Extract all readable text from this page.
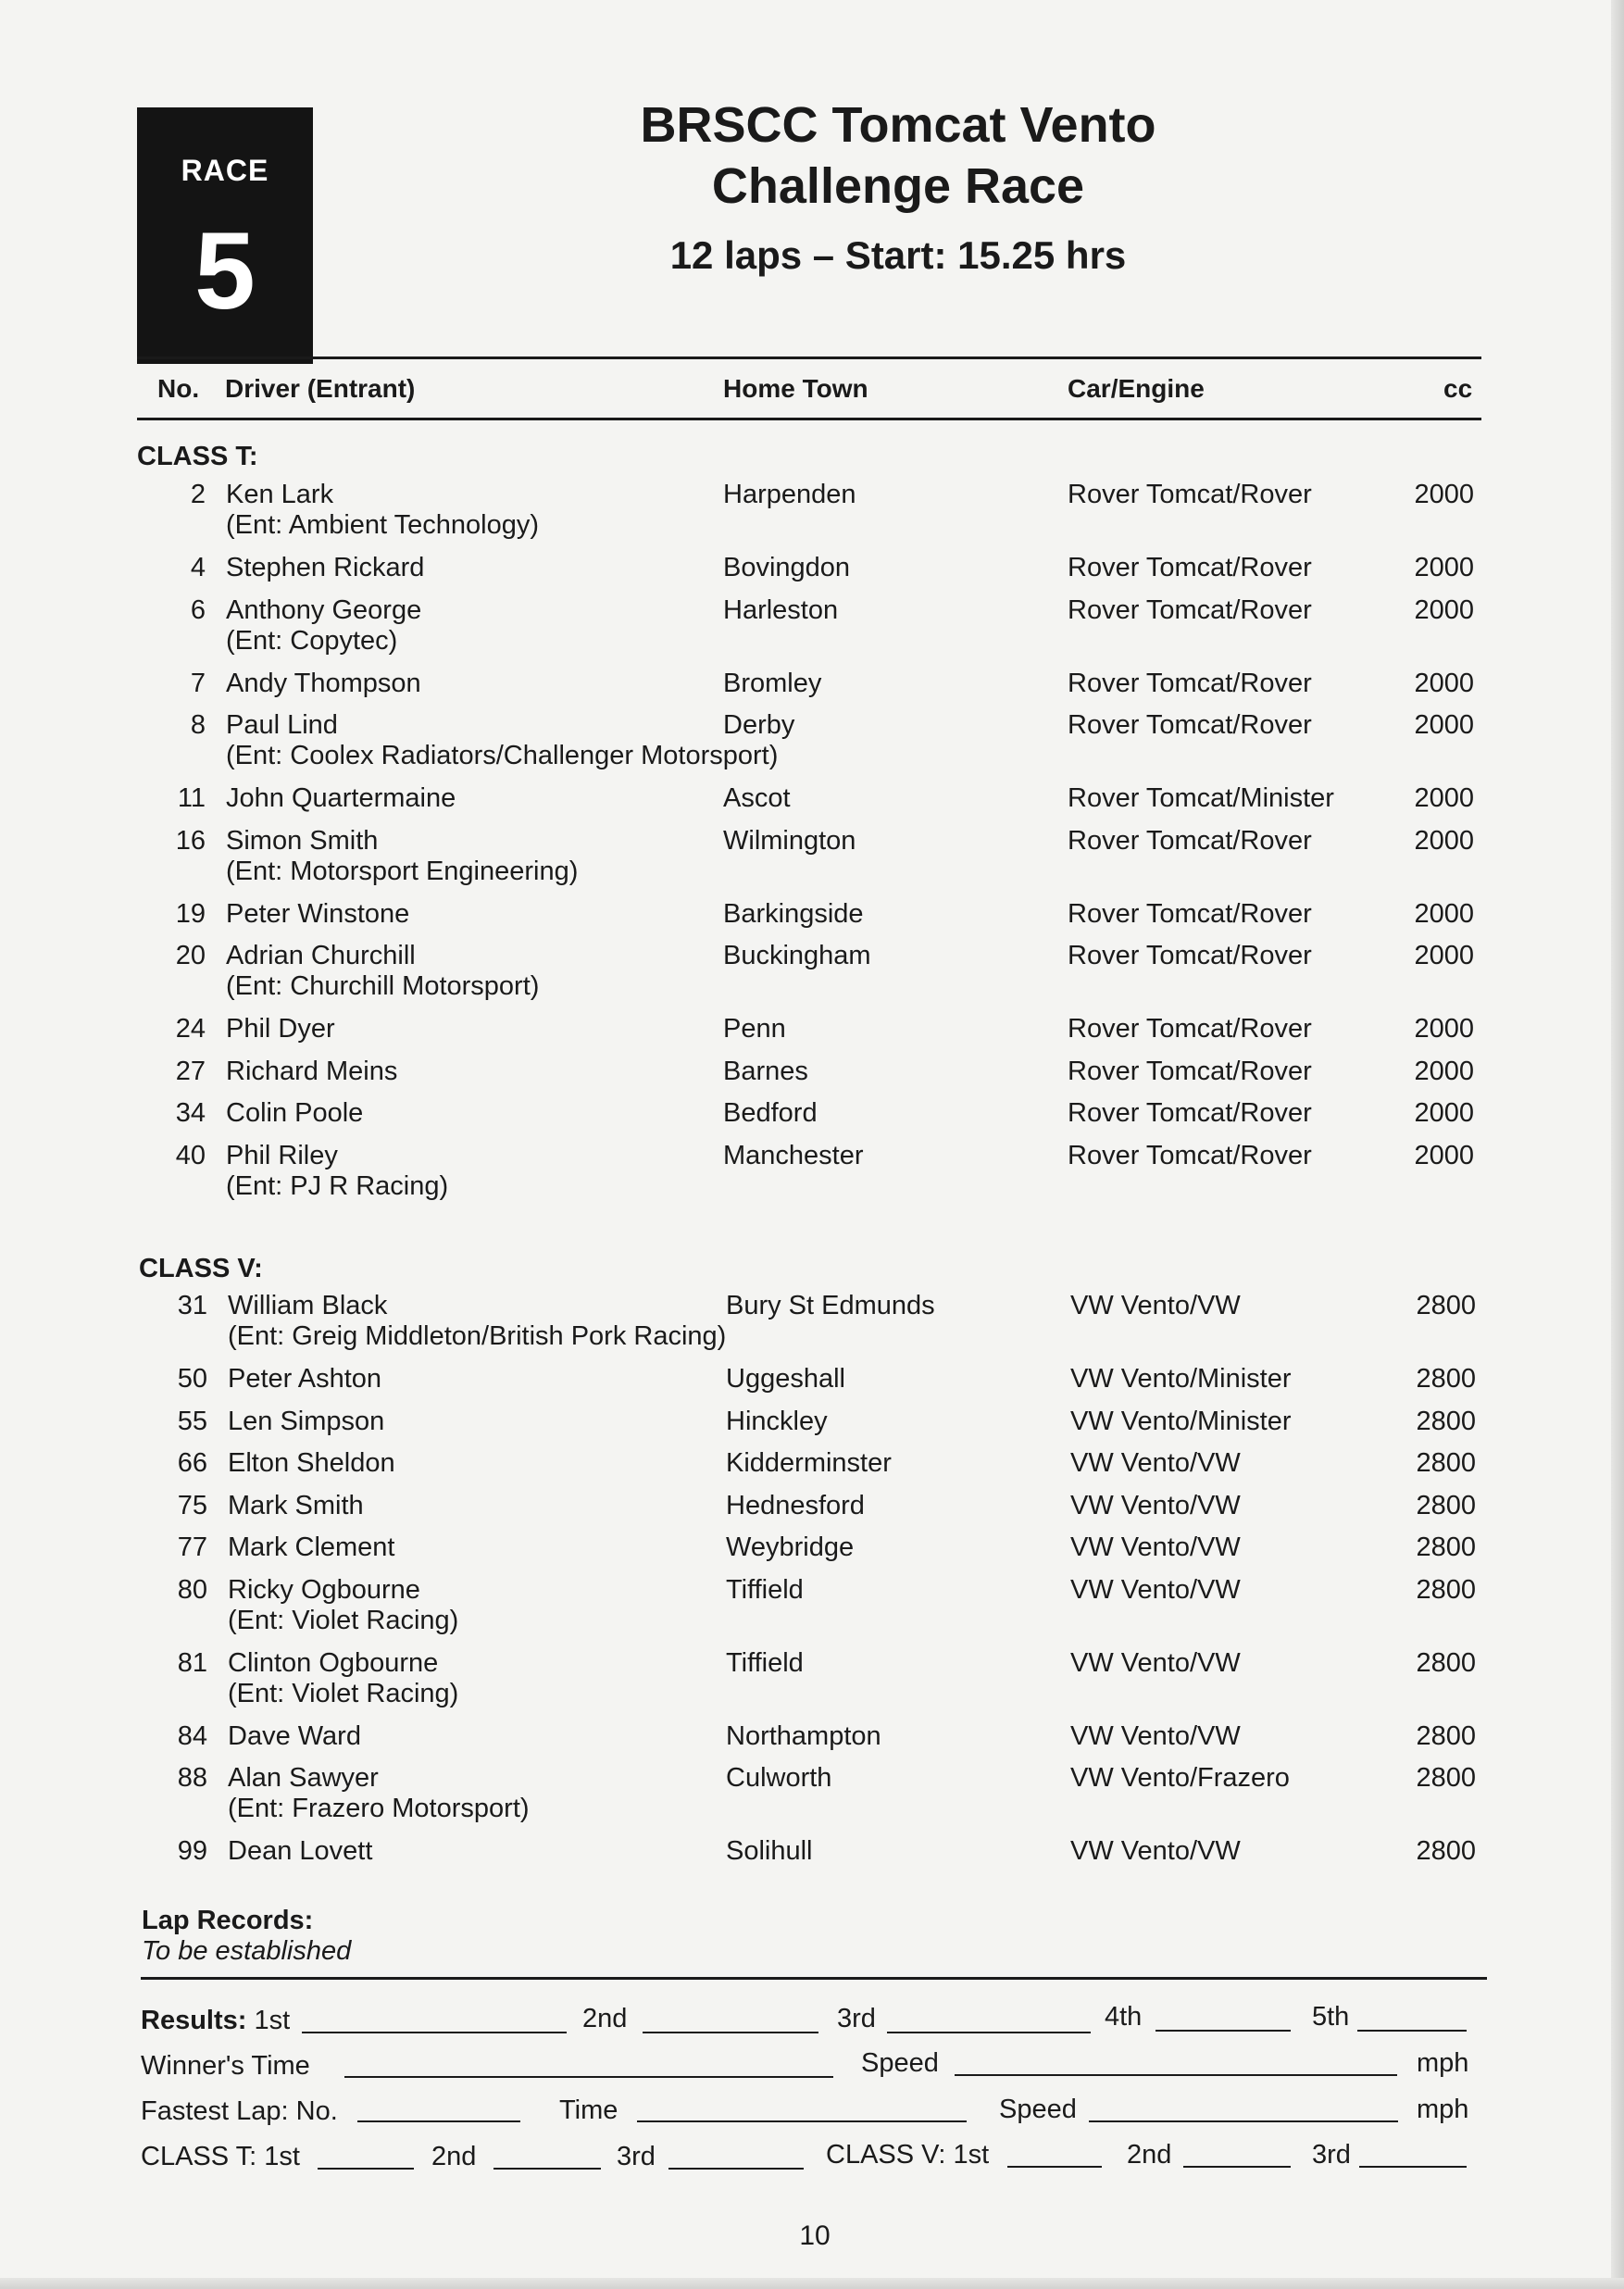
RACE
5
BRSCC Tomcat Vento
Challenge Race
12 laps – Start: 15.25 hrs
No. Driver (Entrant)	Home Town	Car/Engine	cc
CLASS T:
2 Ken Lark	Harpenden	Rover Tomcat/Rover	2000
(Ent: Ambient Technology)
4 Stephen Rickard	Bovingdon	Rover Tomcat/Rover	2000
6 Anthony George	Harleston	Rover Tomcat/Rover	2000
(Ent: Copytec)
7 Andy Thompson	Bromley	Rover Tomcat/Rover	2000
8 Paul Lind	Derby	Rover Tomcat/Rover	2000
(Ent: Coolex Radiators/Challenger Motorsport)
11 John Quartermaine	Ascot	Rover Tomcat/Minister	2000
16 Simon Smith	Wilmington	Rover Tomcat/Rover	2000
(Ent: Motorsport Engineering)
19 Peter Winstone	Barkingside	Rover Tomcat/Rover	2000
20 Adrian Churchill	Buckingham	Rover Tomcat/Rover	2000
(Ent: Churchill Motorsport)
24 Phil Dyer	Penn	Rover Tomcat/Rover	2000
27 Richard Meins	Barnes	Rover Tomcat/Rover	2000
34 Colin Poole	Bedford	Rover Tomcat/Rover	2000
40 Phil Riley	Manchester	Rover Tomcat/Rover	2000
(Ent: PJ R Racing)
CLASS V:
31 William Black	Bury St Edmunds	VW Vento/VW	2800
(Ent: Greig Middleton/British Pork Racing)
50 Peter Ashton	Uggeshall	VW Vento/Minister	2800
55 Len Simpson	Hinckley	VW Vento/Minister	2800
66 Elton Sheldon	Kidderminster	VW Vento/VW	2800
75 Mark Smith	Hednesford	VW Vento/VW	2800
77 Mark Clement	Weybridge	VW Vento/VW	2800
80 Ricky Ogbourne	Tiffield	VW Vento/VW	2800
(Ent: Violet Racing)
81 Clinton Ogbourne	Tiffield	VW Vento/VW	2800
(Ent: Violet Racing)
84 Dave Ward	Northampton	VW Vento/VW	2800
88 Alan Sawyer	Culworth	VW Vento/Frazero	2800
(Ent: Frazero Motorsport)
99 Dean Lovett	Solihull	VW Vento/VW	2800
Lap Records:
To be established
Results: 1st	2nd	3rd	4th	5th
Winner's Time	Speed	mph
Fastest Lap: No.	Time	Speed	mph
CLASS T: 1st	2nd	3rd	CLASS V: 1st	2nd	3rd
10
